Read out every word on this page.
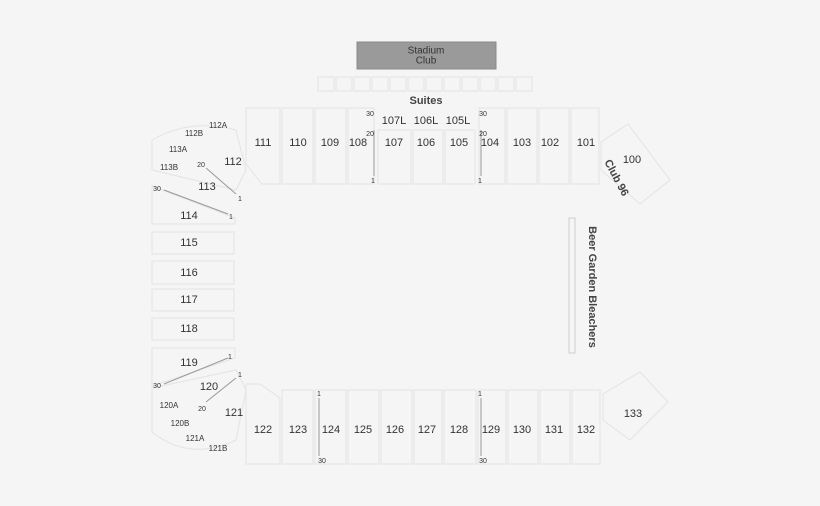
Stadium
Club
Suites
111 110 109 108 107 106 105 104 103 102 101
100
107L 106L 105L
Club 96
Beer Garden Bleachers
112A
112B
113A
113B	112
113
114
115
116
117
118
119
120
121
120A
120B
121A
121B
122 123 124 125 126 127 128 129 130 131 132
133
30
20
1
30
20
1
20
1
30
1
1
30
1
20
1
30
1
30
